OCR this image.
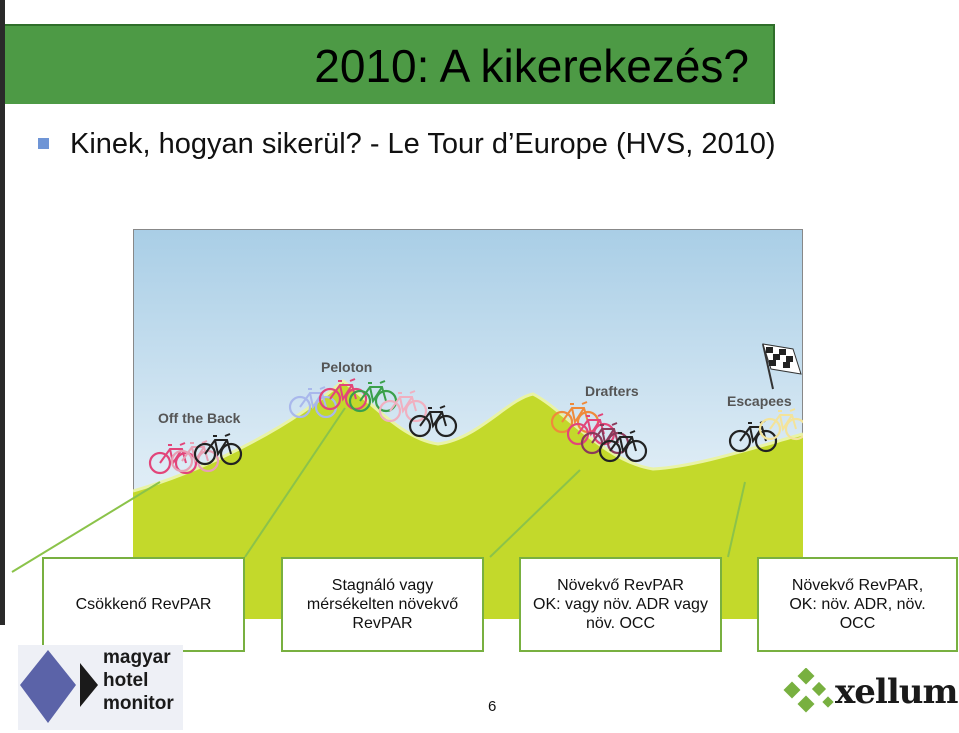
2010: A kikerekezés?
Kinek, hogyan sikerül? - Le Tour d’Europe (HVS, 2010)
Off the Back
Peloton
Drafters
Escapees
Csökkenő RevPAR
Stagnáló vagy
mérsékelten növekvő
RevPAR
Növekvő RevPAR
OK: vagy növ. ADR vagy
növ. OCC
Növekvő RevPAR,
OK: növ. ADR, növ.
OCC
6
magyar
hotel
monitor	xellum
